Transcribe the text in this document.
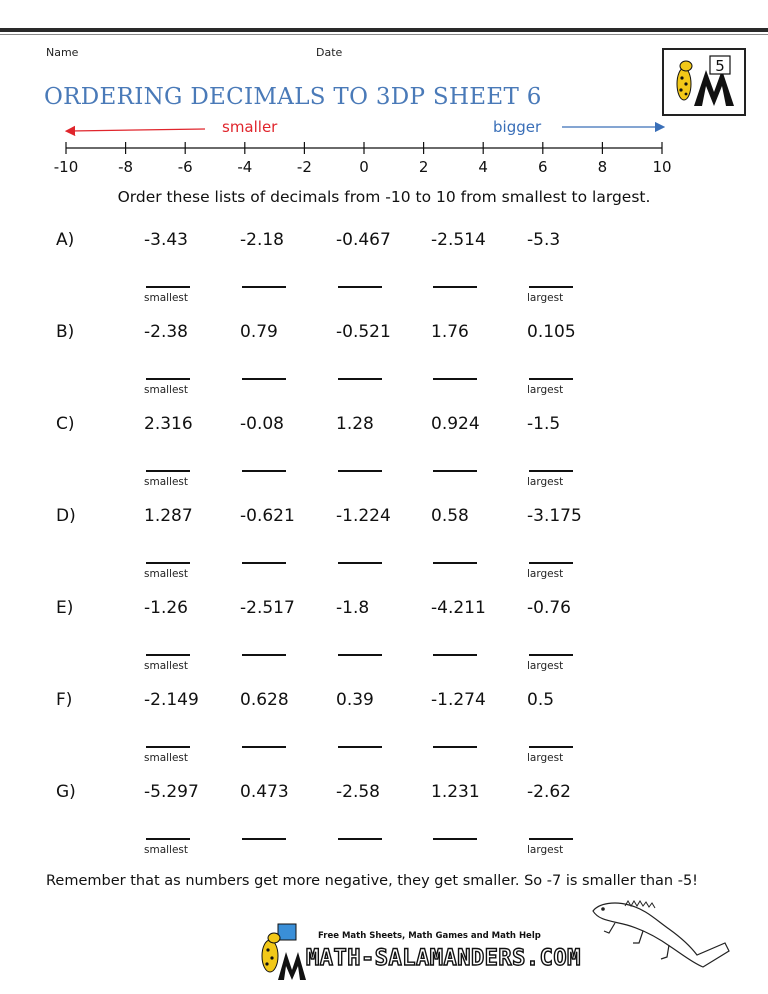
Name	Date
ORDERING DECIMALS TO 3DP SHEET 6
5
smaller	bigger
-10	-8	-6	-4	-2	0	2	4	6	8	10
Order these lists of decimals from -10 to 10 from smallest to largest.
A)	-3.43	-2.18	-0.467 -2.514 -5.3
smallest	largest
B)	-2.38	0.79	-0.521 1.76	0.105
smallest	largest
C)	2.316	-0.08	1.28	0.924	-1.5
smallest	largest
D)	1.287	-0.621 -1.224 0.58	-3.175
smallest	largest
E)	-1.26	-2.517 -1.8	-4.211 -0.76
smallest	largest
F)	-2.149 0.628	0.39	-1.274 0.5
smallest	largest
G)	-5.297 0.473	-2.58	1.231	-2.62
smallest	largest
Remember that as numbers get more negative, they get smaller. So -7 is smaller than -5!
Free Math Sheets, Math Games and Math Help
MATH-SALAMANDERS.COM
